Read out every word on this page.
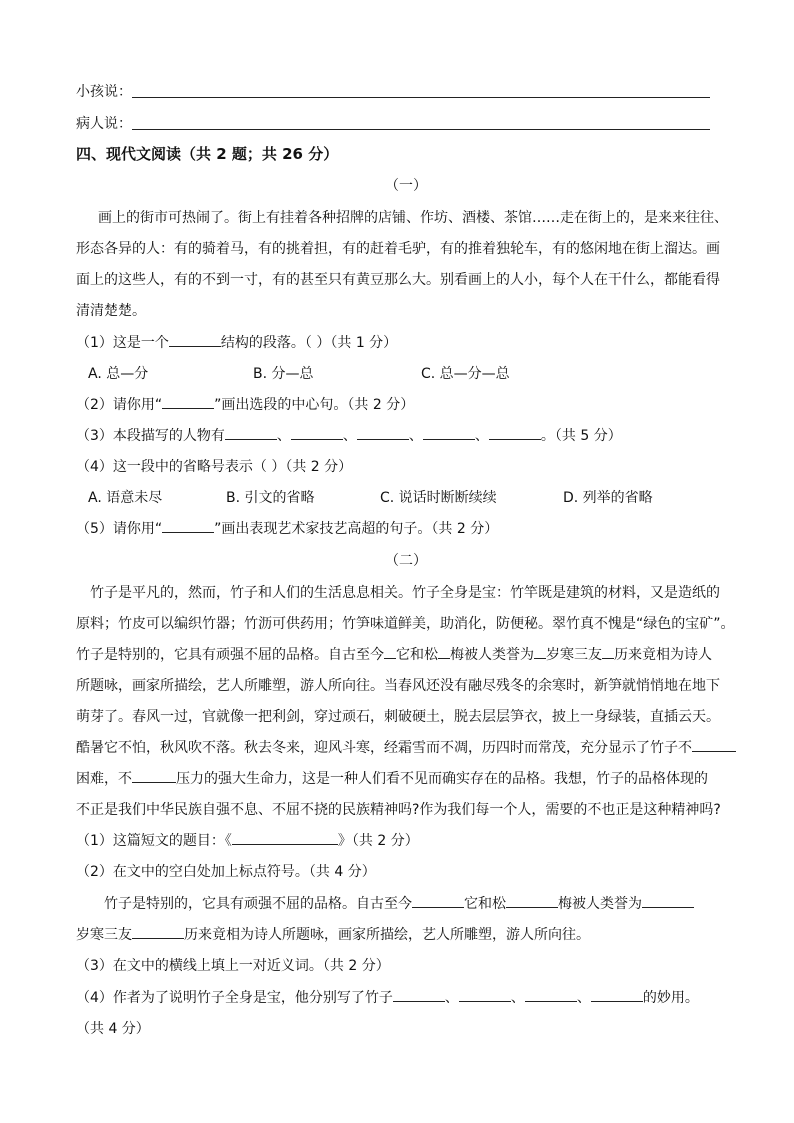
小孩说：
病人说：
四、现代文阅读（共 2 题；共 26 分）
（一）
画上的街市可热闹了。街上有挂着各种招牌的店铺、作坊、酒楼、茶馆……走在街上的，是来来往往、
形态各异的人：有的骑着马，有的挑着担，有的赶着毛驴，有的推着独轮车，有的悠闲地在街上溜达。画
面上的这些人，有的不到一寸，有的甚至只有黄豆那么大。别看画上的人小，每个人在干什么，都能看得
清清楚楚。
（1）这是一个	结构的段落。（ ）（共 1 分）
A. 总—分	B. 分—总	C. 总—分—总
（2）请你用“	”画出选段的中心句。（共 2 分）
（3）本段描写的人物有	、	、	、	、	。（共 5 分）
（4）这一段中的省略号表示（ ）（共 2 分）
A. 语意未尽	B. 引文的省略	C. 说话时断断续续	D. 列举的省略
（5）请你用“	”画出表现艺术家技艺高超的句子。（共 2 分）
（二）
竹子是平凡的，然而，竹子和人们的生活息息相关。竹子全身是宝：竹竿既是建筑的材料，又是造纸的
原料；竹皮可以编织竹器；竹沥可供药用；竹笋味道鲜美，助消化，防便秘。翠竹真不愧是“绿色的宝矿”。
竹子是特别的，它具有顽强不屈的品格。自古至今 它和松 梅被人类誉为 岁寒三友 历来竟相为诗人
所题咏，画家所描绘，艺人所雕塑，游人所向往。当春风还没有融尽残冬的余寒时，新笋就悄悄地在地下
萌芽了。春风一过，官就像一把利剑，穿过顽石，刺破硬土，脱去层层笋衣，披上一身绿装，直插云天。
酷暑它不怕，秋风吹不落。秋去冬来，迎风斗寒，经霜雪而不凋，历四时而常茂，充分显示了竹子不
困难，不	压力的强大生命力，这是一种人们看不见而确实存在的品格。我想，竹子的品格体现的
不正是我们中华民族自强不息、不屈不挠的民族精神吗?作为我们每一个人，需要的不也正是这种精神吗?
（1）这篇短文的题目：《	》（共 2 分）
（2）在文中的空白处加上标点符号。（共 4 分）
竹子是特别的，它具有顽强不屈的品格。自古至今	它和松	梅被人类誉为
岁寒三友	历来竟相为诗人所题咏，画家所描绘，艺人所雕塑，游人所向往。
（3）在文中的横线上填上一对近义词。（共 2 分）
（4）作者为了说明竹子全身是宝，他分别写了竹子	、	、	、	的妙用。
（共 4 分）
